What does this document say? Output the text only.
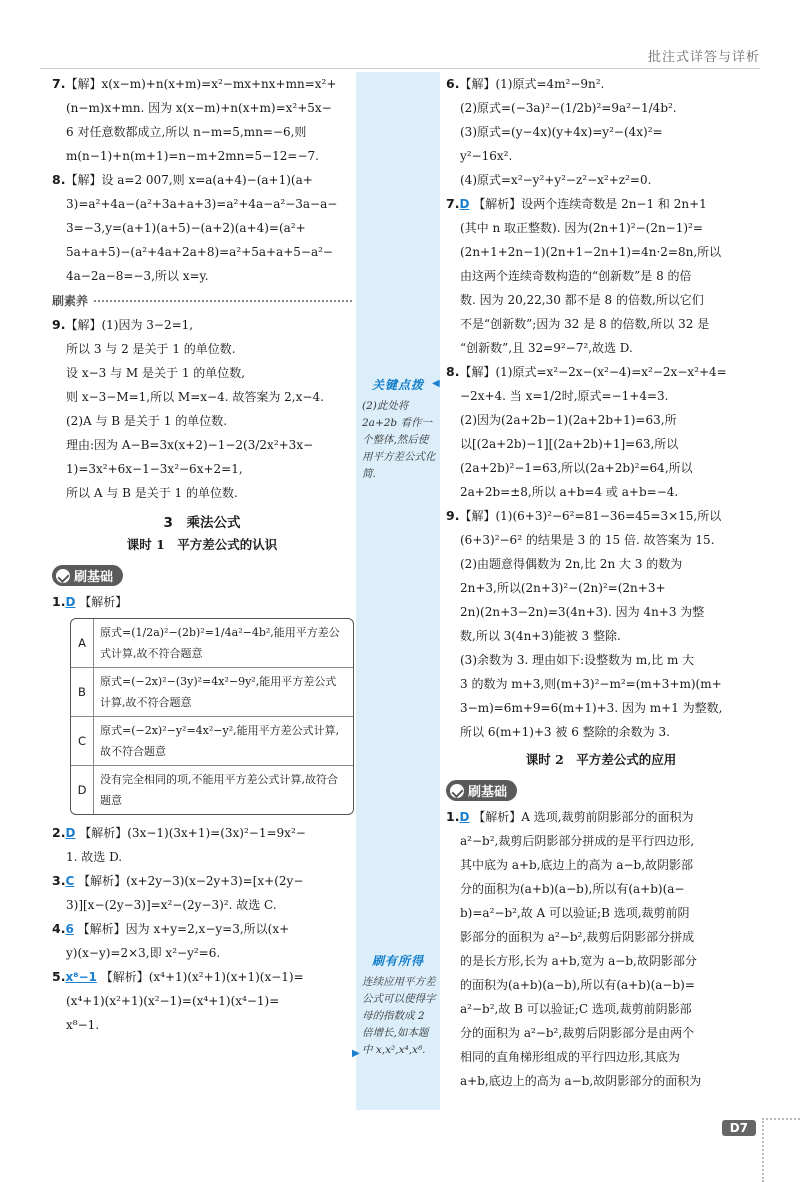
批注式详答与详析
关键点拨 ◀
(2)此处将 2a+2b 看作一个整体,然后使用平方差公式化简.
刷有所得
连续应用平方差公式可以使得字母的指数成 2 倍增长,如本题中 x,x²,x⁴,x⁸.
▶

7.【解】x(x−m)+n(x+m)=x²−mx+nx+mn=x²+

(n−m)x+mn. 因为 x(x−m)+n(x+m)=x²+5x−

6 对任意数都成立,所以 n−m=5,mn=−6,则

m(n−1)+n(m+1)=n−m+2mn=5−12=−7.

8.【解】设 a=2 007,则 x=a(a+4)−(a+1)(a+

3)=a²+4a−(a²+3a+a+3)=a²+4a−a²−3a−a−

3=−3,y=(a+1)(a+5)−(a+2)(a+4)=(a²+

5a+a+5)−(a²+4a+2a+8)=a²+5a+a+5−a²−

4a−2a−8=−3,所以 x=y.

刷素养

9.【解】(1)因为 3−2=1,

所以 3 与 2 是关于 1 的单位数.

设 x−3 与 M 是关于 1 的单位数,

则 x−3−M=1,所以 M=x−4. 故答案为 2,x−4.

(2)A 与 B 是关于 1 的单位数.

理由:因为 A−B=3x(x+2)−1−2(3/2x²+3x−

1)=3x²+6x−1−3x²−6x+2=1,

所以 A 与 B 是关于 1 的单位数.

3　乘法公式
课时 1　平方差公式的认识
刷基础

1.D 【解析】

A
原式=(1/2a)²−(2b)²=1/4a²−4b²,能用平方差公式计算,故不符合题意
B
原式=(−2x)²−(3y)²=4x²−9y²,能用平方差公式计算,故不符合题意
C
原式=(−2x)²−y²=4x²−y²,能用平方差公式计算,故不符合题意
D
没有完全相同的项,不能用平方差公式计算,故符合题意

2.D 【解析】(3x−1)(3x+1)=(3x)²−1=9x²−

1. 故选 D.

3.C 【解析】(x+2y−3)(x−2y+3)=[x+(2y−

3)][x−(2y−3)]=x²−(2y−3)². 故选 C.

4.6 【解析】因为 x+y=2,x−y=3,所以(x+

y)(x−y)=2×3,即 x²−y²=6.

5.x⁸−1 【解析】(x⁴+1)(x²+1)(x+1)(x−1)=

(x⁴+1)(x²+1)(x²−1)=(x⁴+1)(x⁴−1)=

x⁸−1.

6.【解】(1)原式=4m²−9n².

(2)原式=(−3a)²−(1/2b)²=9a²−1/4b².

(3)原式=(y−4x)(y+4x)=y²−(4x)²=

y²−16x².

(4)原式=x²−y²+y²−z²−x²+z²=0.

7.D 【解析】设两个连续奇数是 2n−1 和 2n+1

(其中 n 取正整数). 因为(2n+1)²−(2n−1)²=

(2n+1+2n−1)(2n+1−2n+1)=4n·2=8n,所以

由这两个连续奇数构造的“创新数”是 8 的倍

数. 因为 20,22,30 都不是 8 的倍数,所以它们

不是“创新数”;因为 32 是 8 的倍数,所以 32 是

“创新数”,且 32=9²−7²,故选 D.

8.【解】(1)原式=x²−2x−(x²−4)=x²−2x−x²+4=

−2x+4. 当 x=1/2时,原式=−1+4=3.

(2)因为(2a+2b−1)(2a+2b+1)=63,所

以[(2a+2b)−1][(2a+2b)+1]=63,所以

(2a+2b)²−1=63,所以(2a+2b)²=64,所以

2a+2b=±8,所以 a+b=4 或 a+b=−4.

9.【解】(1)(6+3)²−6²=81−36=45=3×15,所以

(6+3)²−6² 的结果是 3 的 15 倍. 故答案为 15.

(2)由题意得偶数为 2n,比 2n 大 3 的数为

2n+3,所以(2n+3)²−(2n)²=(2n+3+

2n)(2n+3−2n)=3(4n+3). 因为 4n+3 为整

数,所以 3(4n+3)能被 3 整除.

(3)余数为 3. 理由如下:设整数为 m,比 m 大

3 的数为 m+3,则(m+3)²−m²=(m+3+m)(m+

3−m)=6m+9=6(m+1)+3. 因为 m+1 为整数,

所以 6(m+1)+3 被 6 整除的余数为 3.

课时 2　平方差公式的应用
刷基础

1.D 【解析】A 选项,裁剪前阴影部分的面积为

a²−b²,裁剪后阴影部分拼成的是平行四边形,

其中底为 a+b,底边上的高为 a−b,故阴影部

分的面积为(a+b)(a−b),所以有(a+b)(a−

b)=a²−b²,故 A 可以验证;B 选项,裁剪前阴

影部分的面积为 a²−b²,裁剪后阴影部分拼成

的是长方形,长为 a+b,宽为 a−b,故阴影部分

的面积为(a+b)(a−b),所以有(a+b)(a−b)=

a²−b²,故 B 可以验证;C 选项,裁剪前阴影部

分的面积为 a²−b²,裁剪后阴影部分是由两个

相同的直角梯形组成的平行四边形,其底为

a+b,底边上的高为 a−b,故阴影部分的面积为

D7
